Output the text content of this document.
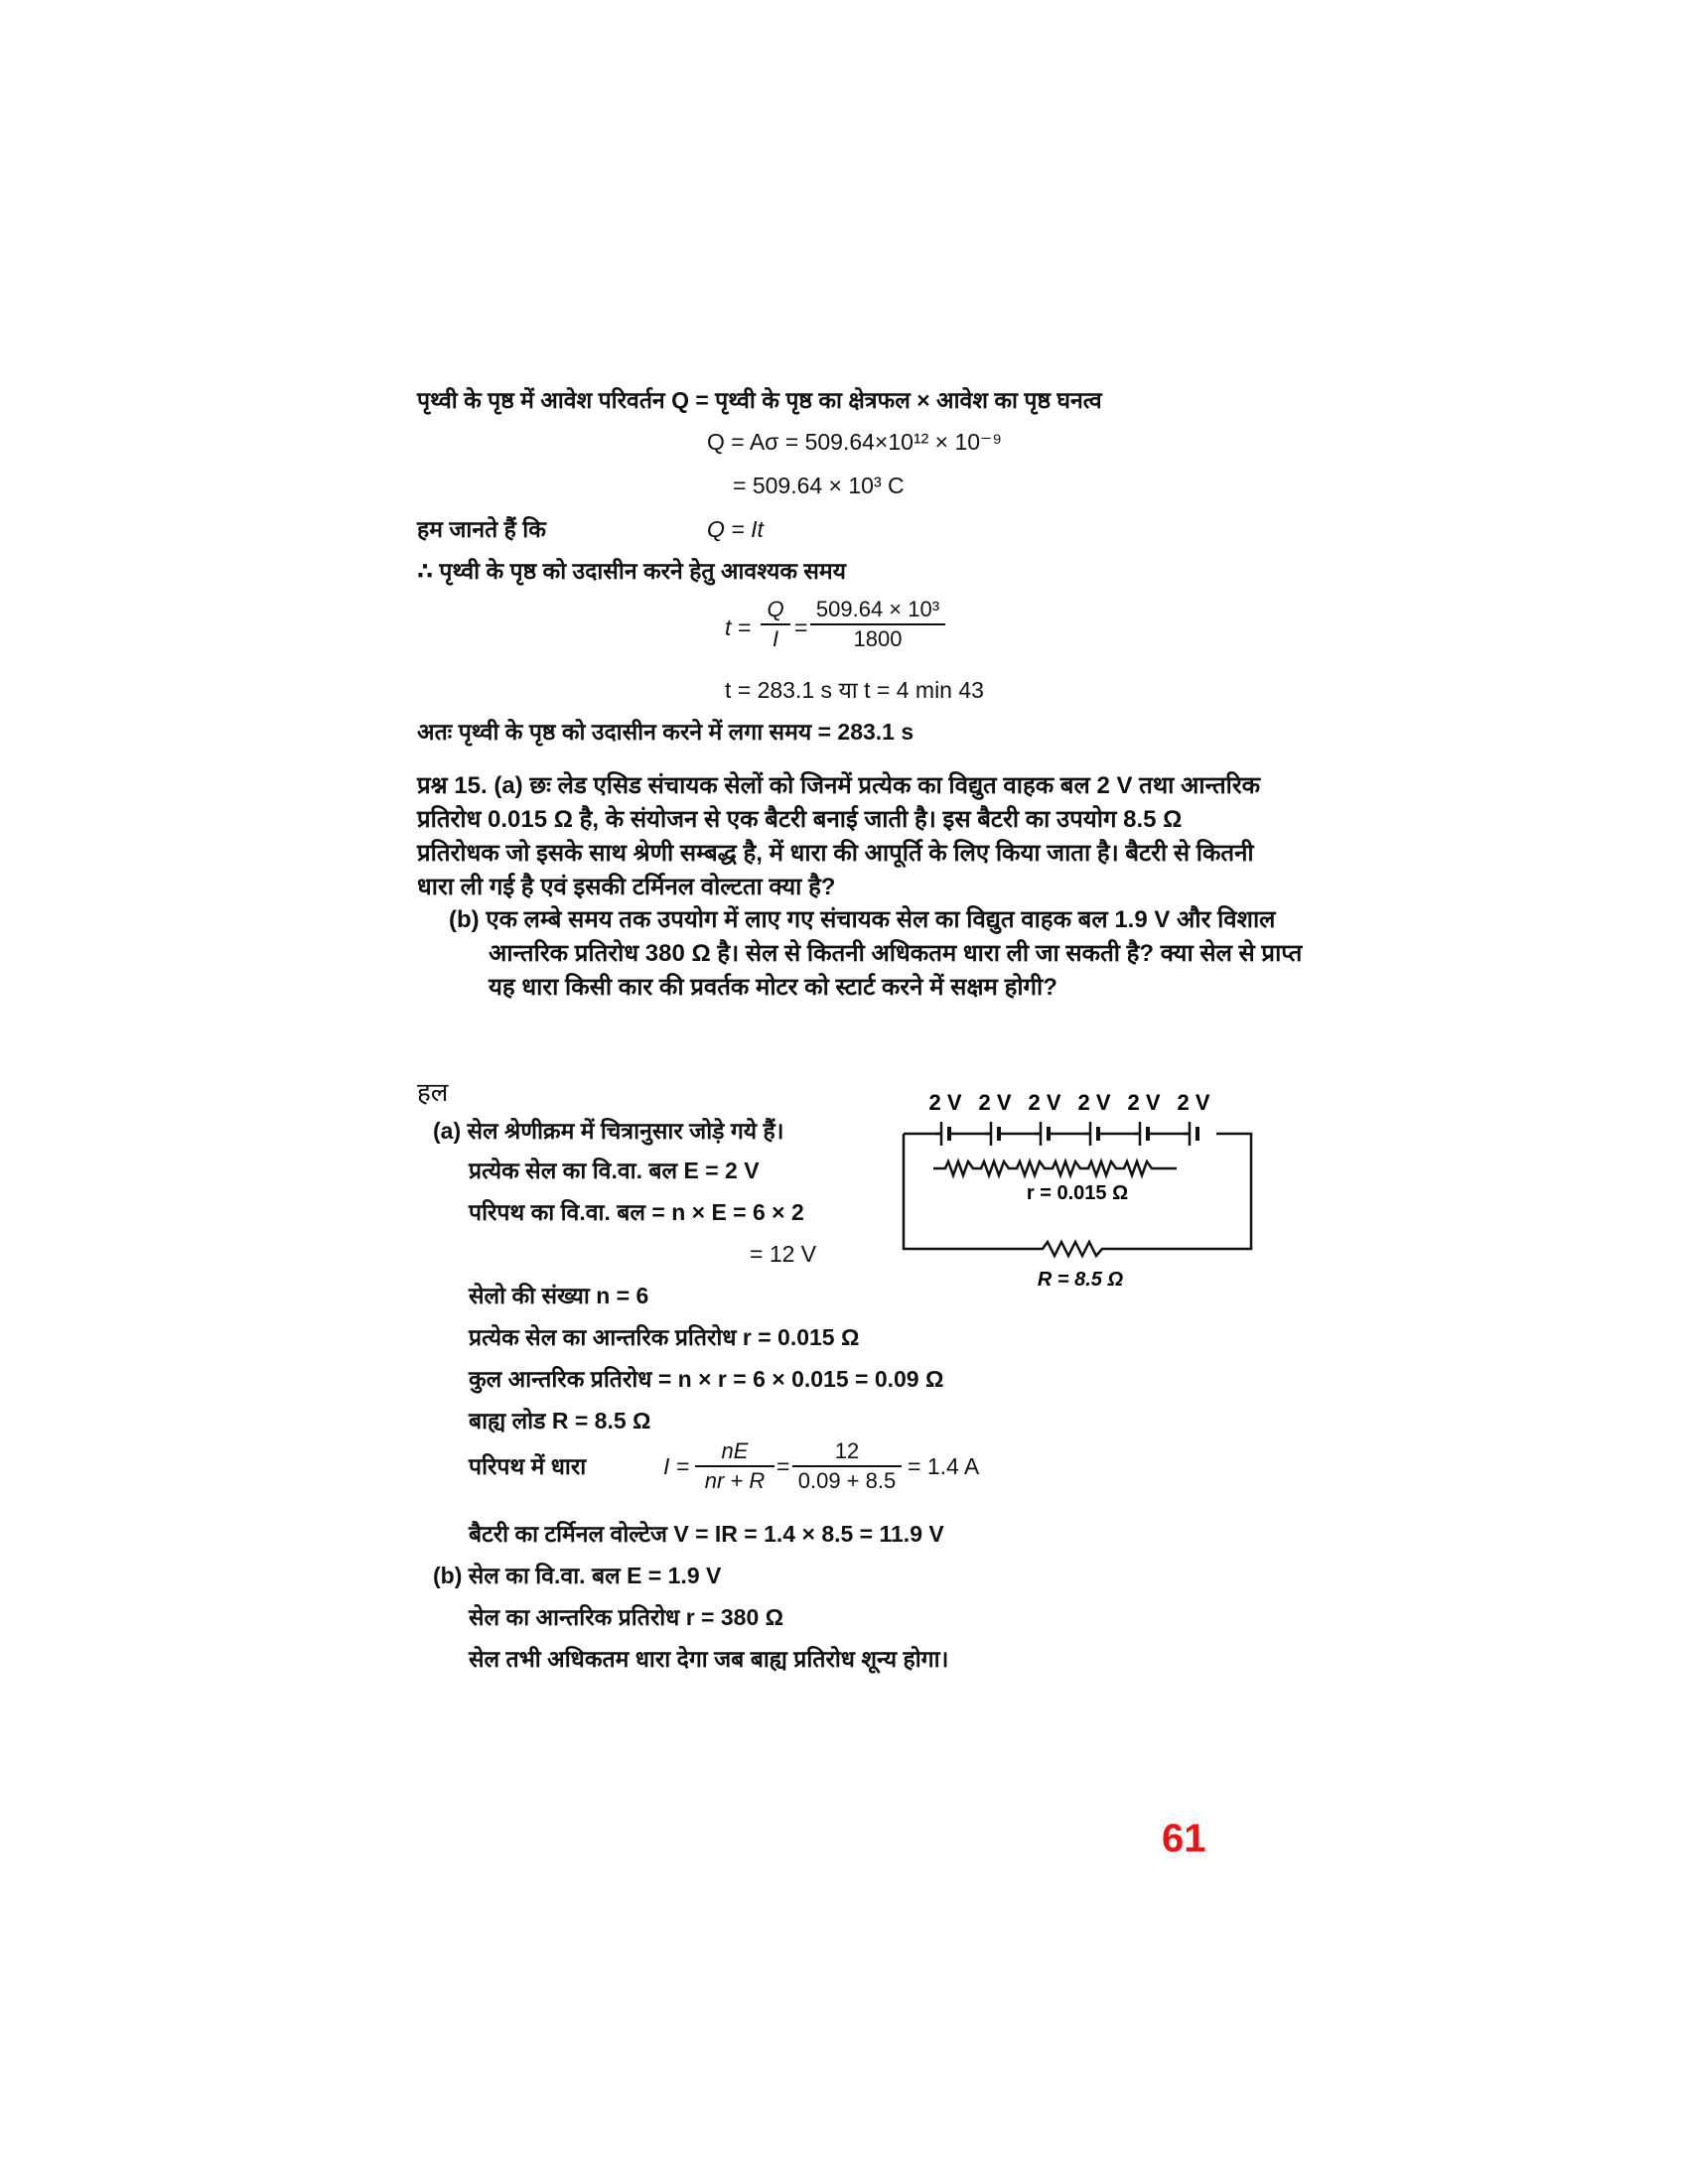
पृथ्वी के पृष्ठ में आवेश परिवर्तन Q = पृथ्वी के पृष्ठ का क्षेत्रफल × आवेश का पृष्ठ घनत्व
Q = Aσ = 509.64×10¹² × 10⁻⁹
= 509.64 × 10³ C
हम जानते हैं कि	Q = It
∴ पृथ्वी के पृष्ठ को उदासीन करने हेतु आवश्यक समय
$t = \frac{Q}{I} = \frac{\text{509.64 × 10³}}{1800}$
t = 283.1 s या t = 4 min 43
अतः पृथ्वी के पृष्ठ को उदासीन करने में लगा समय = 283.1 s
प्रश्न 15. (a) छः लेड एसिड संचायक सेलों को जिनमें प्रत्येक का विद्युत वाहक बल 2 V तथा आन्तरिक प्रतिरोध 0.015 Ω है, के संयोजन से एक बैटरी बनाई जाती है। इस बैटरी का उपयोग 8.5 Ω प्रतिरोधक जो इसके साथ श्रेणी सम्बद्ध है, में धारा की आपूर्ति के लिए किया जाता है। बैटरी से कितनी धारा ली गई है एवं इसकी टर्मिनल वोल्टता क्या है?
(b) एक लम्बे समय तक उपयोग में लाए गए संचायक सेल का विद्युत वाहक बल 1.9 V और विशाल आन्तरिक प्रतिरोध 380 Ω है। सेल से कितनी अधिकतम धारा ली जा सकती है? क्या सेल से प्राप्त यह धारा किसी कार की प्रवर्तक मोटर को स्टार्ट करने में सक्षम होगी?
हल
(a) सेल श्रेणीक्रम में चित्रानुसार जोड़े गये हैं।
प्रत्येक सेल का वि.वा. बल E = 2 V
परिपथ का वि.वा. बल = n × E = 6 × 2
= 12 V
सेलो की संख्या n = 6
प्रत्येक सेल का आन्तरिक प्रतिरोध r = 0.015 Ω
कुल आन्तरिक प्रतिरोध = n × r = 6 × 0.015 = 0.09 Ω
बाह्य लोड R = 8.5 Ω
परिपथ में धारा	$I = \frac{nE}{nr + R} = \frac{12}{0.09 + 8.5} = 1.4$ A
बैटरी का टर्मिनल वोल्टेज V = IR = 1.4 × 8.5 = 11.9 V
(b) सेल का वि.वा. बल E = 1.9 V
सेल का आन्तरिक प्रतिरोध r = 380 Ω
सेल तभी अधिकतम धारा देगा जब बाह्य प्रतिरोध शून्य होगा।
2 V 2 V 2 V 2 V 2 V 2 V
r = 0.015 Ω
R = 8.5 Ω
61
